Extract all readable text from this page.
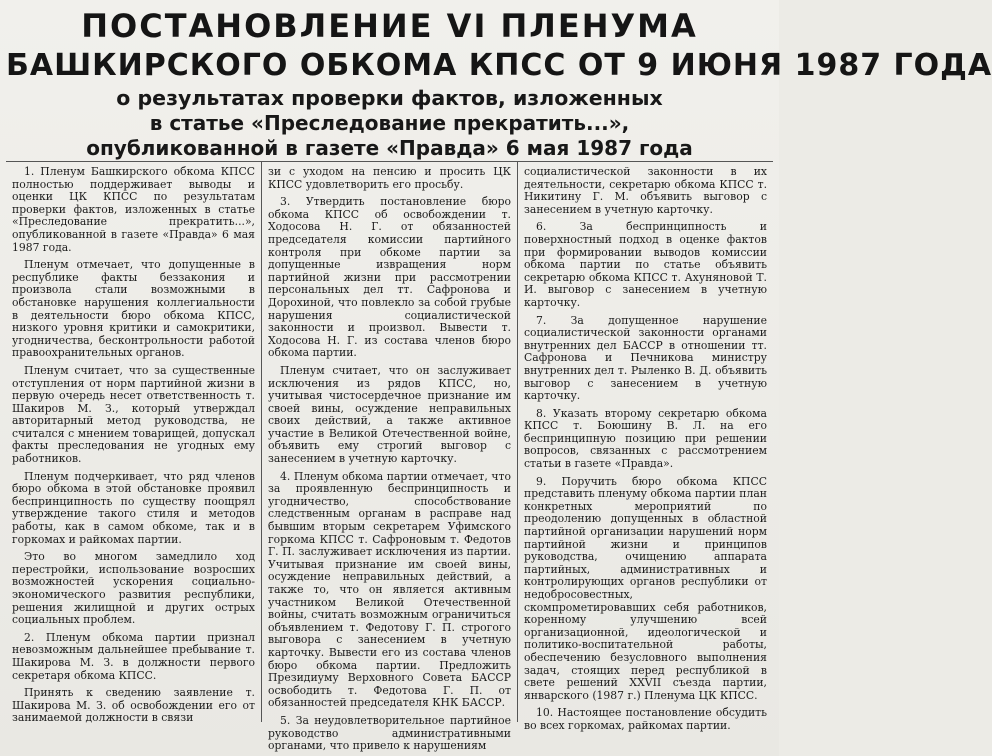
ПОСТАНОВЛЕНИЕ VI ПЛЕНУМА
БАШКИРСКОГО ОБКОМА КПСС ОТ 9 ИЮНЯ 1987 ГОДА
о результатах проверки фактов, изложенных
в статье «Преследование прекратить...»,
опубликованной в газете «Правда» 6 мая 1987 года

1. Пленум Башкирского обкома КПСС полностью поддерживает выводы и оценки ЦК КПСС по результатам проверки фактов, изложенных в статье «Преследование прекратить...», опубликованной в газете «Правда» 6 мая 1987 года.

Пленум отмечает, что допущенные в республике факты беззакония и произвола стали возможными в обстановке нарушения коллегиальности в деятельности бюро обкома КПСС, низкого уровня критики и самокритики, угодничества, бесконтрольности работой правоохранительных органов.

Пленум считает, что за существенные отступления от норм партийной жизни в первую очередь несет ответственность т. Шакиров М. З., который утверждал авторитарный метод руководства, не считался с мнением товарищей, допускал факты преследования не угодных ему работников.

Пленум подчеркивает, что ряд членов бюро обкома в этой обстановке проявил беспринципность по существу поощрял утверждение такого стиля и методов работы, как в самом обкоме, так и в горкомах и райкомах партии.

Это во многом замедлило ход перестройки, использование возросших возможностей ускорения социально-экономического развития республики, решения жилищной и других острых социальных проблем.

2. Пленум обкома партии признал невозможным дальнейшее пребывание т. Шакирова М. З. в должности первого секретаря обкома КПСС.

Принять к сведению заявление т. Шакирова М. З. об освобождении его от занимаемой должности в связи

зи с уходом на пенсию и просить ЦК КПСС удовлетворить его просьбу.

3. Утвердить постановление бюро обкома КПСС об освобождении т. Ходосова Н. Г. от обязанностей председателя комиссии партийного контроля при обкоме партии за допущенные извращения норм партийной жизни при рассмотрении персональных дел тт. Сафронова и Дорохиной, что повлекло за собой грубые нарушения социалистической законности и произвол. Вывести т. Ходосова Н. Г. из состава членов бюро обкома партии.

Пленум считает, что он заслуживает исключения из рядов КПСС, но, учитывая чистосердечное признание им своей вины, осуждение неправильных своих действий, а также активное участие в Великой Отечественной войне, объявить ему строгий выговор с занесением в учетную карточку.

4. Пленум обкома партии отмечает, что за проявленную беспринципность и угодничество, способствование следственным органам в расправе над бывшим вторым секретарем Уфимского горкома КПСС т. Сафроновым т. Федотов Г. П. заслуживает исключения из партии. Учитывая признание им своей вины, осуждение неправильных действий, а также то, что он является активным участником Великой Отечественной войны, считать возможным ограничиться объявлением т. Федотову Г. П. строгого выговора с занесением в учетную карточку. Вывести его из состава членов бюро обкома партии. Предложить Президиуму Верховного Совета БАССР освободить т. Федотова Г. П. от обязанностей председателя КНК БАССР.

5. За неудовлетворительное партийное руководство административными органами, что привело к нарушениям

социалистической законности в их деятельности, секретарю обкома КПСС т. Никитину Г. М. объявить выговор с занесением в учетную карточку.

6. За беспринципность и поверхностный подход в оценке фактов при формировании выводов комиссии обкома партии по статье объявить секретарю обкома КПСС т. Ахуняновой Т. И. выговор с занесением в учетную карточку.

7. За допущенное нарушение социалистической законности органами внутренних дел БАССР в отношении тт. Сафронова и Печникова министру внутренних дел т. Рыленко В. Д. объявить выговор с занесением в учетную карточку.

8. Указать второму секретарю обкома КПСС т. Боюшину В. Л. на его беспринципную позицию при решении вопросов, связанных с рассмотрением статьи в газете «Правда».

9. Поручить бюро обкома КПСС представить пленуму обкома партии план конкретных мероприятий по преодолению допущенных в областной партийной организации нарушений норм партийной жизни и принципов руководства, очищению аппарата партийных, административных и контролирующих органов республики от недобросовестных, скомпрометировавших себя работников, коренному улучшению всей организационной, идеологической и политико-воспитательной работы, обеспечению безусловного выполнения задач, стоящих перед республикой в свете решений XXVII съезда партии, январского (1987 г.) Пленума ЦК КПСС.

10. Настоящее постановление обсудить во всех горкомах, райкомах партии.
